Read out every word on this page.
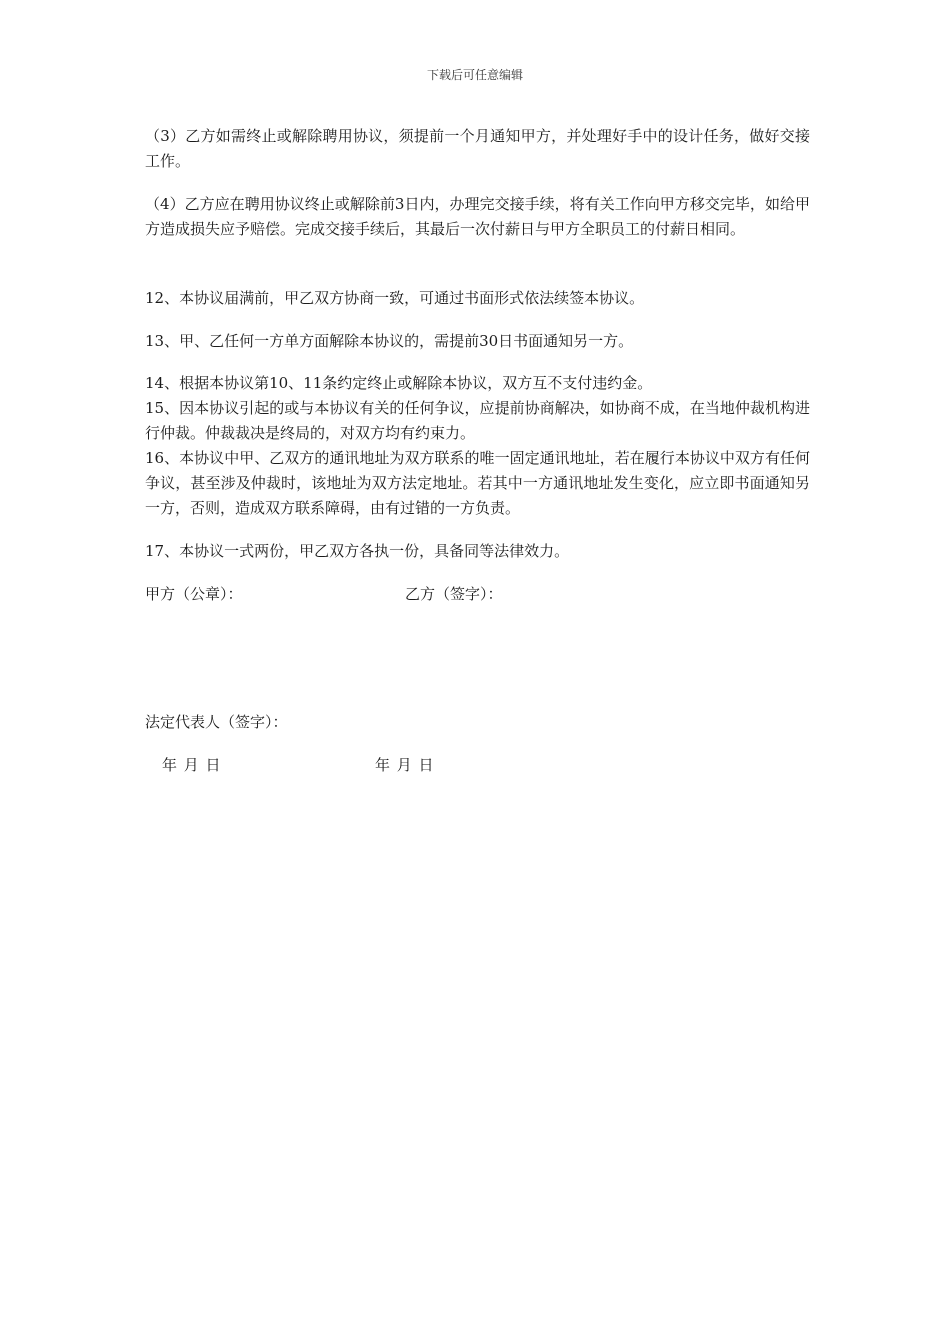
下载后可任意编辑

（3）乙方如需终止或解除聘用协议，须提前一个月通知甲方，并处理好手中的设计任务，做好交接工作。

（4）乙方应在聘用协议终止或解除前3日内，办理完交接手续，将有关工作向甲方移交完毕，如给甲方造成损失应予赔偿。完成交接手续后，其最后一次付薪日与甲方全职员工的付薪日相同。

12、本协议届满前，甲乙双方协商一致，可通过书面形式依法续签本协议。

13、甲、乙任何一方单方面解除本协议的，需提前30日书面通知另一方。

14、根据本协议第10、11条约定终止或解除本协议，双方互不支付违约金。
15、因本协议引起的或与本协议有关的任何争议，应提前协商解决，如协商不成，在当地仲裁机构进行仲裁。仲裁裁决是终局的，对双方均有约束力。
16、本协议中甲、乙双方的通讯地址为双方联系的唯一固定通讯地址，若在履行本协议中双方有任何争议，甚至涉及仲裁时，该地址为双方法定地址。若其中一方通讯地址发生变化，应立即书面通知另一方，否则，造成双方联系障碍，由有过错的一方负责。

17、本协议一式两份，甲乙双方各执一份，具备同等法律效力。

甲方（公章）：	乙方（签字）：
法定代表人（签字）：
年 月 日	年 月 日
